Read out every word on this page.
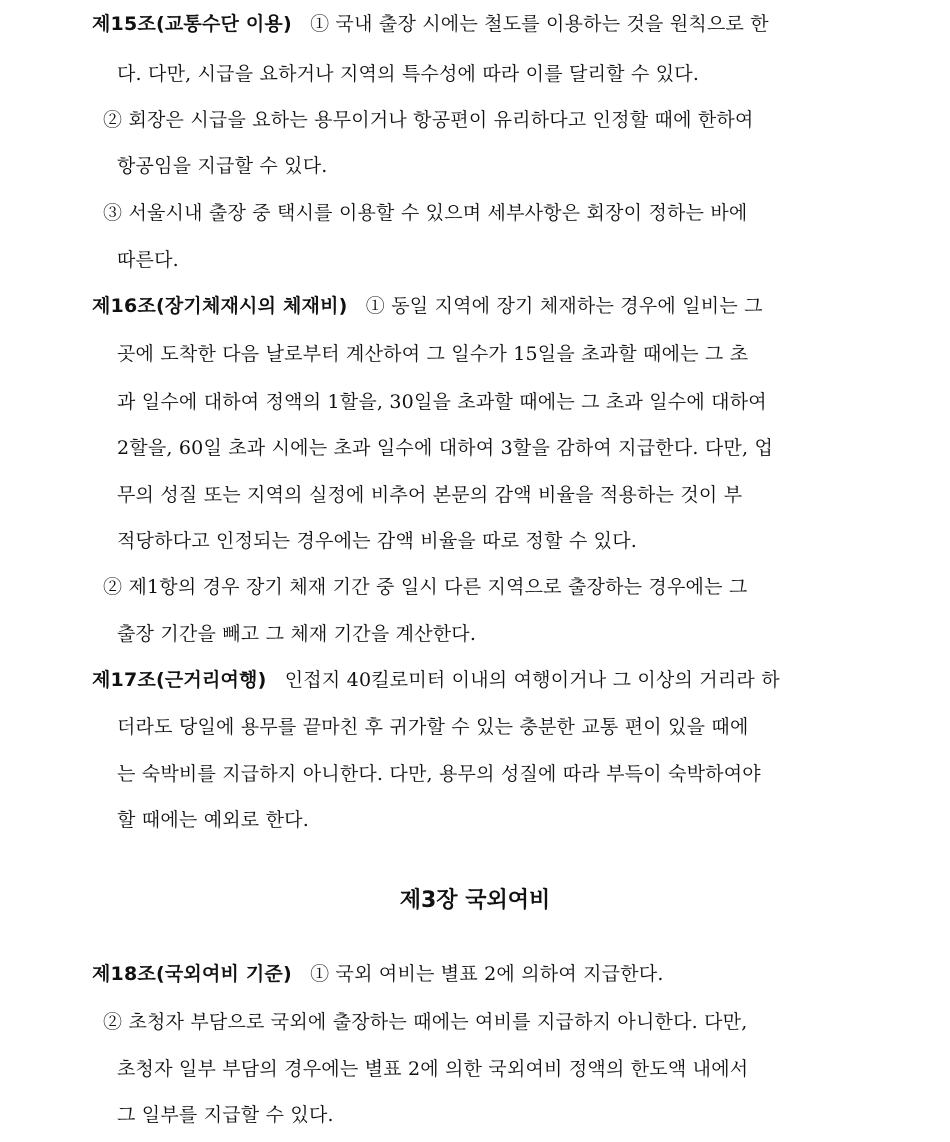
제15조(교통수단 이용) ① 국내 출장 시에는 철도를 이용하는 것을 원칙으로 한
다. 다만, 시급을 요하거나 지역의 특수성에 따라 이를 달리할 수 있다.
② 회장은 시급을 요하는 용무이거나 항공편이 유리하다고 인정할 때에 한하여
항공임을 지급할 수 있다.
③ 서울시내 출장 중 택시를 이용할 수 있으며 세부사항은 회장이 정하는 바에
따른다.
제16조(장기체재시의 체재비) ① 동일 지역에 장기 체재하는 경우에 일비는 그
곳에 도착한 다음 날로부터 계산하여 그 일수가 15일을 초과할 때에는 그 초
과 일수에 대하여 정액의 1할을, 30일을 초과할 때에는 그 초과 일수에 대하여
2할을, 60일 초과 시에는 초과 일수에 대하여 3할을 감하여 지급한다. 다만, 업
무의 성질 또는 지역의 실정에 비추어 본문의 감액 비율을 적용하는 것이 부
적당하다고 인정되는 경우에는 감액 비율을 따로 정할 수 있다.
② 제1항의 경우 장기 체재 기간 중 일시 다른 지역으로 출장하는 경우에는 그
출장 기간을 빼고 그 체재 기간을 계산한다.
제17조(근거리여행) 인접지 40킬로미터 이내의 여행이거나 그 이상의 거리라 하
더라도 당일에 용무를 끝마친 후 귀가할 수 있는 충분한 교통 편이 있을 때에
는 숙박비를 지급하지 아니한다. 다만, 용무의 성질에 따라 부득이 숙박하여야
할 때에는 예외로 한다.
제3장 국외여비
제18조(국외여비 기준) ① 국외 여비는 별표 2에 의하여 지급한다.
② 초청자 부담으로 국외에 출장하는 때에는 여비를 지급하지 아니한다. 다만,
초청자 일부 부담의 경우에는 별표 2에 의한 국외여비 정액의 한도액 내에서
그 일부를 지급할 수 있다.
